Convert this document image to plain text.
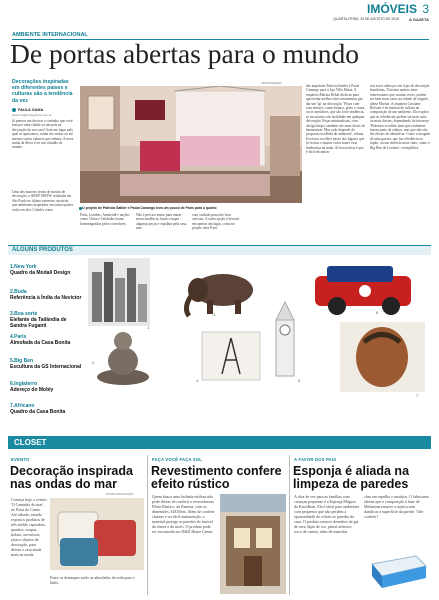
IMÓVEIS 3
QUARTA-FEIRA, 20 DE AGOSTO DE 2015	A GAZETA
AMBIENTE INTERNACIONAL
De portas abertas para o mundo
Decorações inspiradas em diferentes países e culturas são a tendência da vez
PAULA GAMA
pbelmiro@redegazeta.com.br
Já pensou em decorar o cantinho que você tem por uma cidade ou um país na decoração da sua casa? Seja um lugar pelo qual se apaixonou, sonha em visitar ou até mesmo vários culturas que admira. A nova moda da décor é ter um cidadão do mundo.
Uma das maiores feiras de mostra de decoração, a ABUP SHOW, realizada em São Paulo no último semestre, mostrou que ambientes inspirados em outros países estão em alta. Cidades como
DIVULGAÇÃO
O projeto de Patrícia Sattler e Paola Camargo leva um pouco de Paris para o quarto
Paris, Londres, Amsterdã e nações como China e Tailândia foram homenageadas pelos corredores.
Não é preciso muito para entrar nessa tendência, basta compor algumas peças e espalhar pela casa, mas
com cuidado para não ficar caricato. A outra opção é investir em apenas um lugar, como no projeto abre Paris
das arquitetas Patrícia Sattler e Paola Camargo para a loja Villa Maria. A arquiteta Marina Debal dá dicas para aproveitar melhor estes ornamentos par dar um 'up' na decoração. 'Peças com tons neutros, como branco, preto e cinza, ou os metálicos, que são forte tendência, se encaixam com facilidade em qualquer decoração. Peças minimalistas, com design limpo, também são mais fáceis de harmonizar. Mas tudo depende da proposta escolhida do ambiente', afirma. Excessos escolher peças dos lugares que já visitou e muitas vezes trazer essa lembrança na mala. Aí boa notícia é que é fácil encontrar
trar esses adereços em lojas de decoração brasileiras. 'Existem muitos itens interessantes que, muitas vezes, podem ser bem mais caros na cidade de origem', alerta Marina. A arquiteta Cristiane Bolsoni é da mistura de cultura na composição de um ambiente. Ela explica que as referências podem ser mais sutis ou mais diretas, dependendo do interesse. 'Podemos escolher itens que realmente fazem parte da cultura, mas que não são tão óbvias de identificar. Como a imagem de uma gueixa, que faz referência ao Japão, ou um símbolo mais claro, como o Big Ben de Londres', exemplifica.
ALGUNS PRODUTOS
1.New York
Quadro da Modali Design
2.Buda
Referência à Índia da Nevictor
3.Boa sorte
Elefante da Tailândia de Sandra Fuganti
4.Paris
Almofada da Casa Bonita
5.Big Ben
Escultura da GS Internacional
6.Inglaterro
Adereço do Mobly
7.Africano
Quadro da Casa Bonita
1.
2.
3.
4.	5.
6.
7.
CLOSET
EVENTO
Decoração inspirada nas ondas do mar
FOTOS: DIVULGAÇÃO
Começa hoje o evento 'O Caminho do mar', no Praia do Canto. Até sábado, estarão expostos produtos de três ateliês capixabas: quadros, roupas, bolsas, acessórios, joias e objetos de decoração, para deixar a casa ainda mais na moda.
Entre os destaques estão as almofadas de seda pura e linho.
FAÇA VOCÊ FAÇA SOL
Revestimento confere efeito rústico
Quem busca uma fachada estilosa não pode deixar de conferir o revestimento Filete Rústico, da Pamesa, com as dimensões 34X50cm. Além de conferir charme e ser fácil manutenção, o material protege as paredes do imóvel da chuva e do mofo. O produto pode ser encontrado no D&D Home Center.
A FAVOR DOS PAIS
Esponja é aliada na limpeza de paredes
A dica de vez para as famílias com crianças pequenas é a Esponja Mágica, da ExtraBom. Ela é ideal para ambientes com pequenos que não perdem a oportunidade de colorir as paredes da casa. O produto remove desenhos de giz de cera, lápis de cor, pincel atômico, risco de caneta, além de manchas
chas em espelho e azulejos. O fabricante afirma que a composição à base de Melamina remove a sujeira sem danificar a superfície da parede. Vale conferir!
